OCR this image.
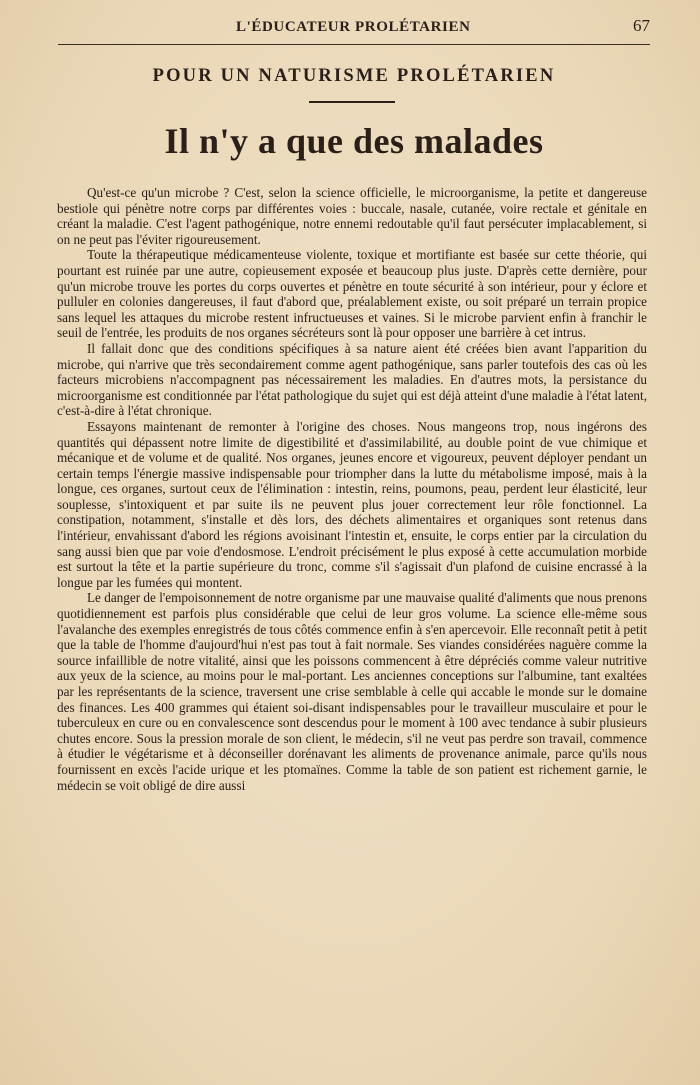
L'ÉDUCATEUR PROLÉTARIEN	67
POUR UN NATURISME PROLÉTARIEN
Il n'y a que des malades

Qu'est-ce qu'un microbe ? C'est, selon la science officielle, le microorganisme, la petite et dangereuse bestiole qui pénètre notre corps par différentes voies : buccale, nasale, cutanée, voire rectale et génitale en créant la maladie. C'est l'agent pathogénique, notre ennemi redoutable qu'il faut persécuter implacablement, si on ne peut pas l'éviter rigoureusement.

Toute la thérapeutique médicamenteuse violente, toxique et mortifiante est basée sur cette théorie, qui pourtant est ruinée par une autre, copieusement exposée et beaucoup plus juste. D'après cette dernière, pour qu'un microbe trouve les portes du corps ouvertes et pénètre en toute sécurité à son intérieur, pour y éclore et pulluler en colonies dangereuses, il faut d'abord que, préalablement existe, ou soit préparé un terrain propice sans lequel les attaques du microbe restent infructueuses et vaines. Si le microbe parvient enfin à franchir le seuil de l'entrée, les produits de nos organes sécréteurs sont là pour opposer une barrière à cet intrus.

Il fallait donc que des conditions spécifiques à sa nature aient été créées bien avant l'apparition du microbe, qui n'arrive que très secondairement comme agent pathogénique, sans parler toutefois des cas où les facteurs microbiens n'accompagnent pas nécessairement les maladies. En d'autres mots, la persistance du microorganisme est conditionnée par l'état pathologique du sujet qui est déjà atteint d'une maladie à l'état latent, c'est-à-dire à l'état chronique.

Essayons maintenant de remonter à l'origine des choses. Nous mangeons trop, nous ingérons des quantités qui dépassent notre limite de digestibilité et d'assimilabilité, au double point de vue chimique et mécanique et de volume et de qualité. Nos organes, jeunes encore et vigoureux, peuvent déployer pendant un certain temps l'énergie massive indispensable pour triompher dans la lutte du métabolisme imposé, mais à la longue, ces organes, surtout ceux de l'élimination : intestin, reins, poumons, peau, perdent leur élasticité, leur souplesse, s'intoxiquent et par suite ils ne peuvent plus jouer correctement leur rôle fonctionnel. La constipation, notamment, s'installe et dès lors, des déchets alimentaires et organiques sont retenus dans l'intérieur, envahissant d'abord les régions avoisinant l'intestin et, ensuite, le corps entier par la circulation du sang aussi bien que par voie d'endosmose. L'endroit précisément le plus exposé à cette accumulation morbide est surtout la tête et la partie supérieure du tronc, comme s'il s'agissait d'un plafond de cuisine encrassé à la longue par les fumées qui montent.

Le danger de l'empoisonnement de notre organisme par une mauvaise qualité d'aliments que nous prenons quotidiennement est parfois plus considérable que celui de leur gros volume. La science elle-même sous l'avalanche des exemples enregistrés de tous côtés commence enfin à s'en apercevoir. Elle reconnaît petit à petit que la table de l'homme d'aujourd'hui n'est pas tout à fait normale. Ses viandes considérées naguère comme la source infaillible de notre vitalité, ainsi que les poissons commencent à être dépréciés comme valeur nutritive aux yeux de la science, au moins pour le mal-portant. Les anciennes conceptions sur l'albumine, tant exaltées par les représentants de la science, traversent une crise semblable à celle qui accable le monde sur le domaine des finances. Les 400 grammes qui étaient soi-disant indispensables pour le travailleur musculaire et pour le tuberculeux en cure ou en convalescence sont descendus pour le moment à 100 avec tendance à subir plusieurs chutes encore. Sous la pression morale de son client, le médecin, s'il ne veut pas perdre son travail, commence à étudier le végétarisme et à déconseiller dorénavant les aliments de provenance animale, parce qu'ils nous fournissent en excès l'acide urique et les ptomaïnes. Comme la table de son patient est richement garnie, le médecin se voit obligé de dire aussi
